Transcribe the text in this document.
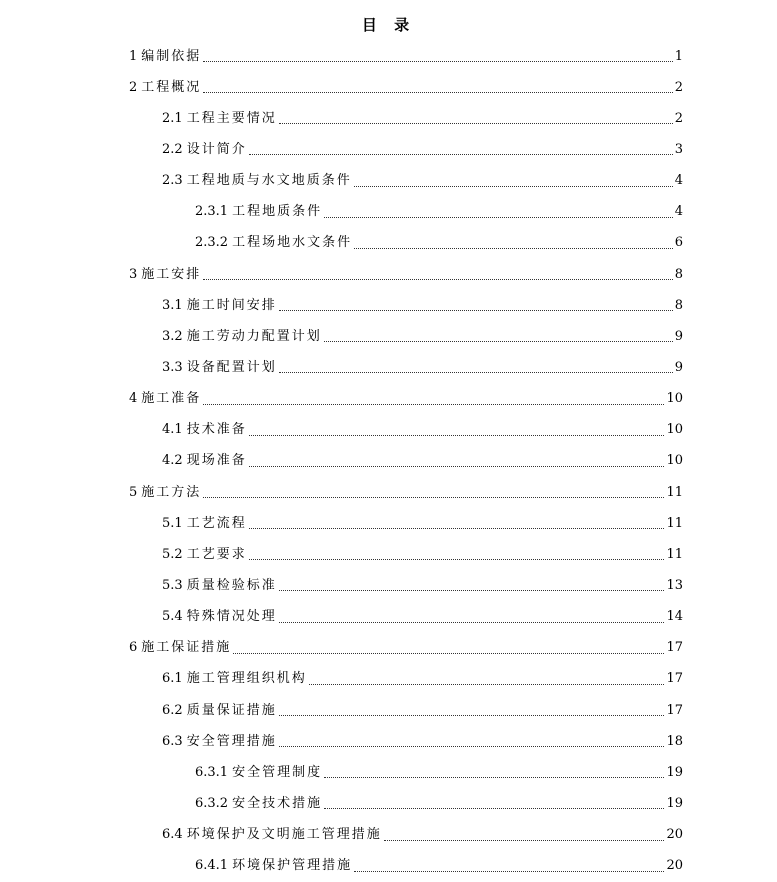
目 录
1 编制依据	1
2 工程概况	2
2.1 工程主要情况	2
2.2 设计简介	3
2.3 工程地质与水文地质条件	4
2.3.1 工程地质条件	4
2.3.2 工程场地水文条件	6
3 施工安排	8
3.1 施工时间安排	8
3.2 施工劳动力配置计划	9
3.3 设备配置计划	9
4 施工准备	10
4.1 技术准备	10
4.2 现场准备	10
5 施工方法	11
5.1 工艺流程	11
5.2 工艺要求	11
5.3 质量检验标准	13
5.4 特殊情况处理	14
6 施工保证措施	17
6.1 施工管理组织机构	17
6.2 质量保证措施	17
6.3 安全管理措施	18
6.3.1 安全管理制度	19
6.3.2 安全技术措施	19
6.4 环境保护及文明施工管理措施	20
6.4.1 环境保护管理措施	20
